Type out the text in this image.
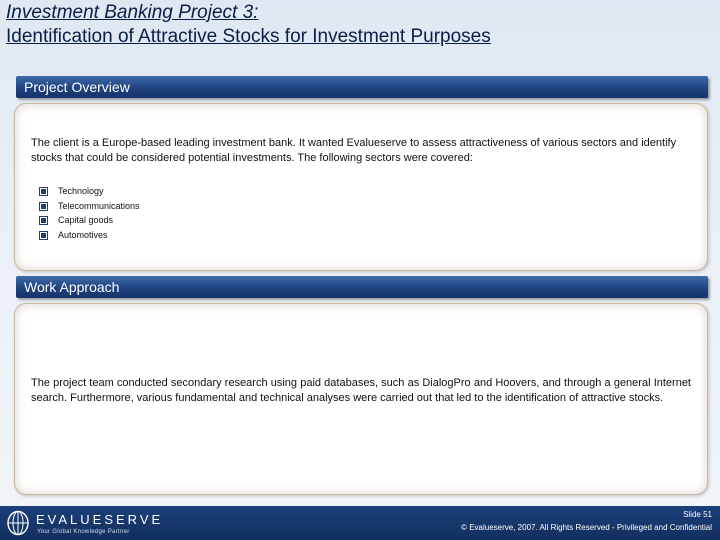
Investment Banking Project 3:
Identification of Attractive Stocks for Investment Purposes
The client is a Europe-based leading investment bank. It wanted Evalueserve to assess attractiveness of various sectors and identify stocks that could be considered potential investments. The following sectors were covered:
Technology
Telecommunications
Capital goods
Automotives
Project Overview
The project team conducted secondary research using paid databases, such as DialogPro and Hoovers, and through a general Internet search. Furthermore, various fundamental and technical analyses were carried out that led to the identification of attractive stocks.
Work Approach
EVALUESERVE
Your Global Knowledge Partner
Slide 51
© Evalueserve, 2007. All Rights Reserved - Privileged and Confidential
